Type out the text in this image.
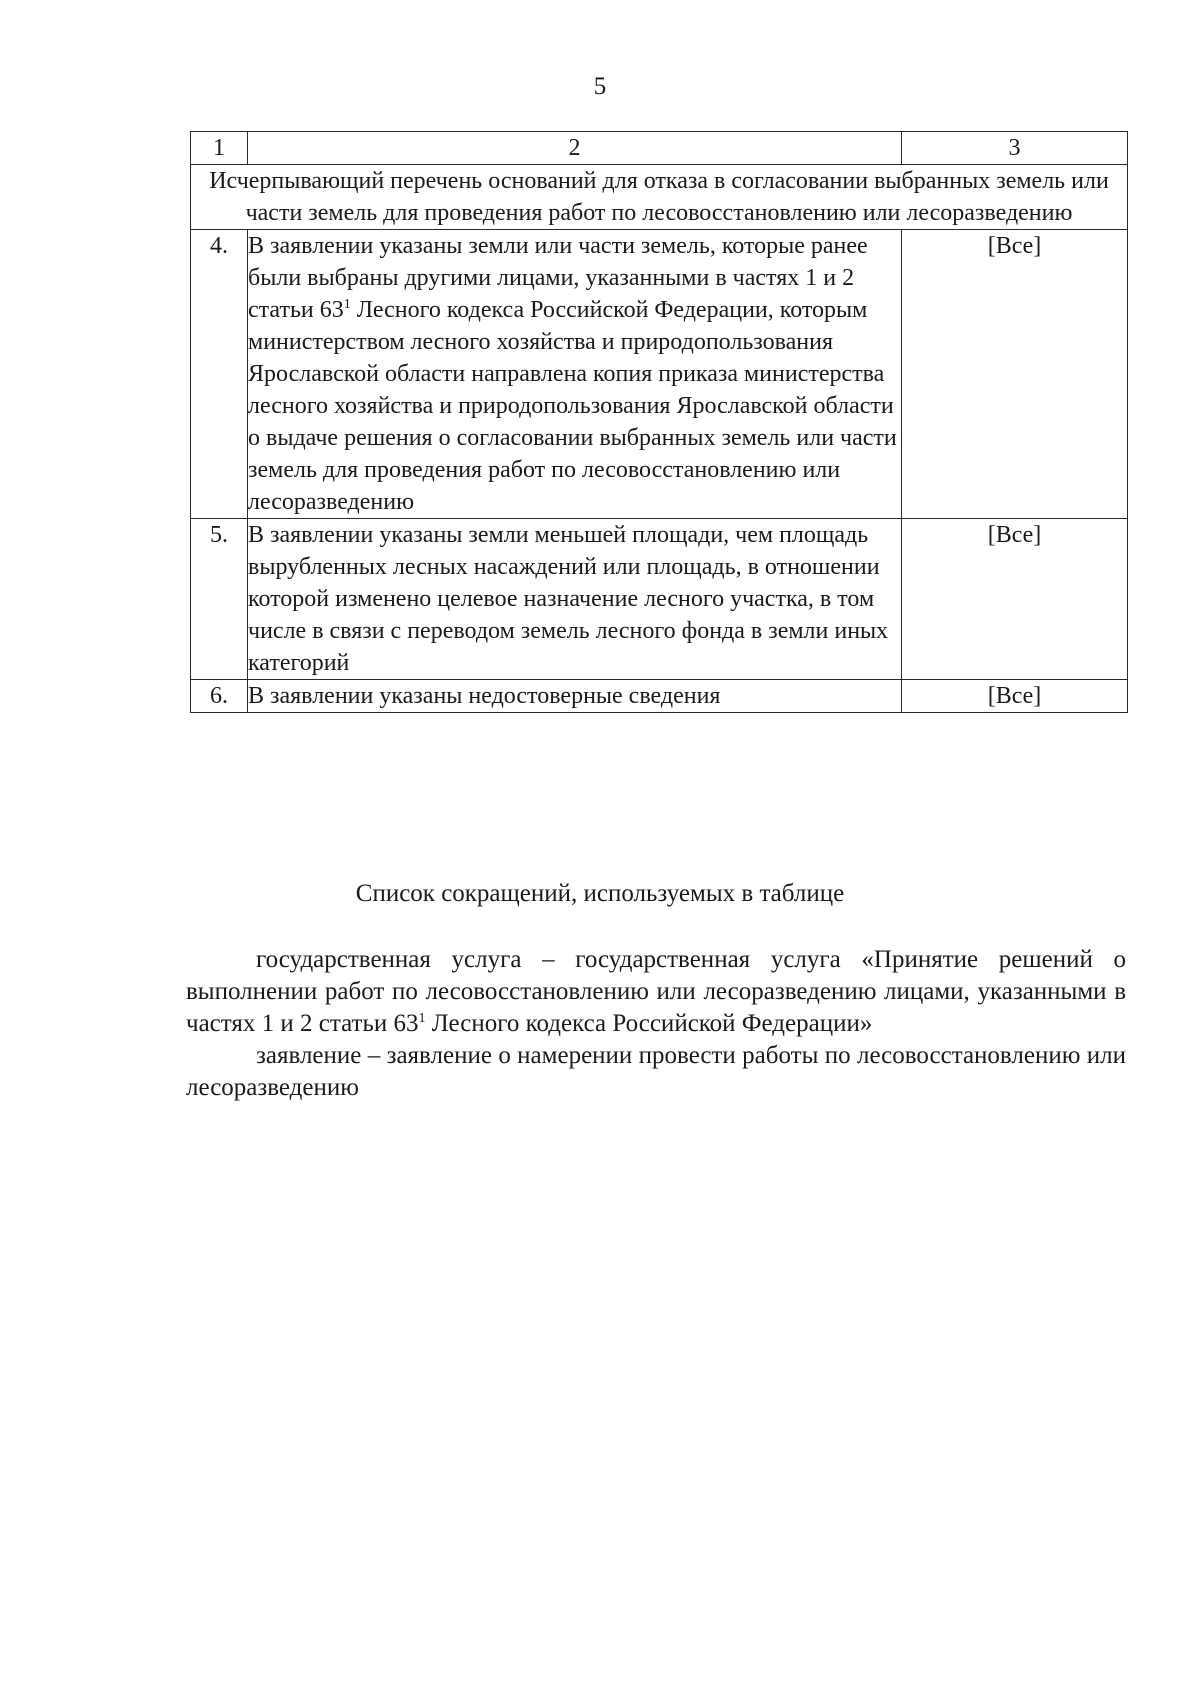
5
1	2	3
Исчерпывающий перечень оснований для отказа в согласовании выбранных земель или части земель для проведения работ по лесовосстановлению или лесоразведению		
4.	В заявлении указаны земли или части земель, которые ранее были выбраны другими лицами, указанными в частях 1 и 2 статьи $63^1$ Лесного кодекса Российской Федерации, которым министерством лесного хозяйства и природопользования Ярославской области направлена копия приказа министерства лесного хозяйства и природопользования Ярославской области о выдаче решения о согласовании выбранных земель или части земель для проведения работ по лесовосстановлению или лесоразведению	[Все]
5.	В заявлении указаны земли меньшей площади, чем площадь вырубленных лесных насаждений или площадь, в отношении которой изменено целевое назначение лесного участка, в том числе в связи с переводом земель лесного фонда в земли иных категорий	[Все]
6.	В заявлении указаны недостоверные сведения	[Все]
Список сокращений, используемых в таблице

государственная услуга – государственная услуга «Принятие решений о выполнении работ по лесовосстановлению или лесоразведению лицами, указанными в частях 1 и 2 статьи $63^1$ Лесного кодекса Российской Федерации»

заявление – заявление о намерении провести работы по лесовосстановлению или лесоразведению
